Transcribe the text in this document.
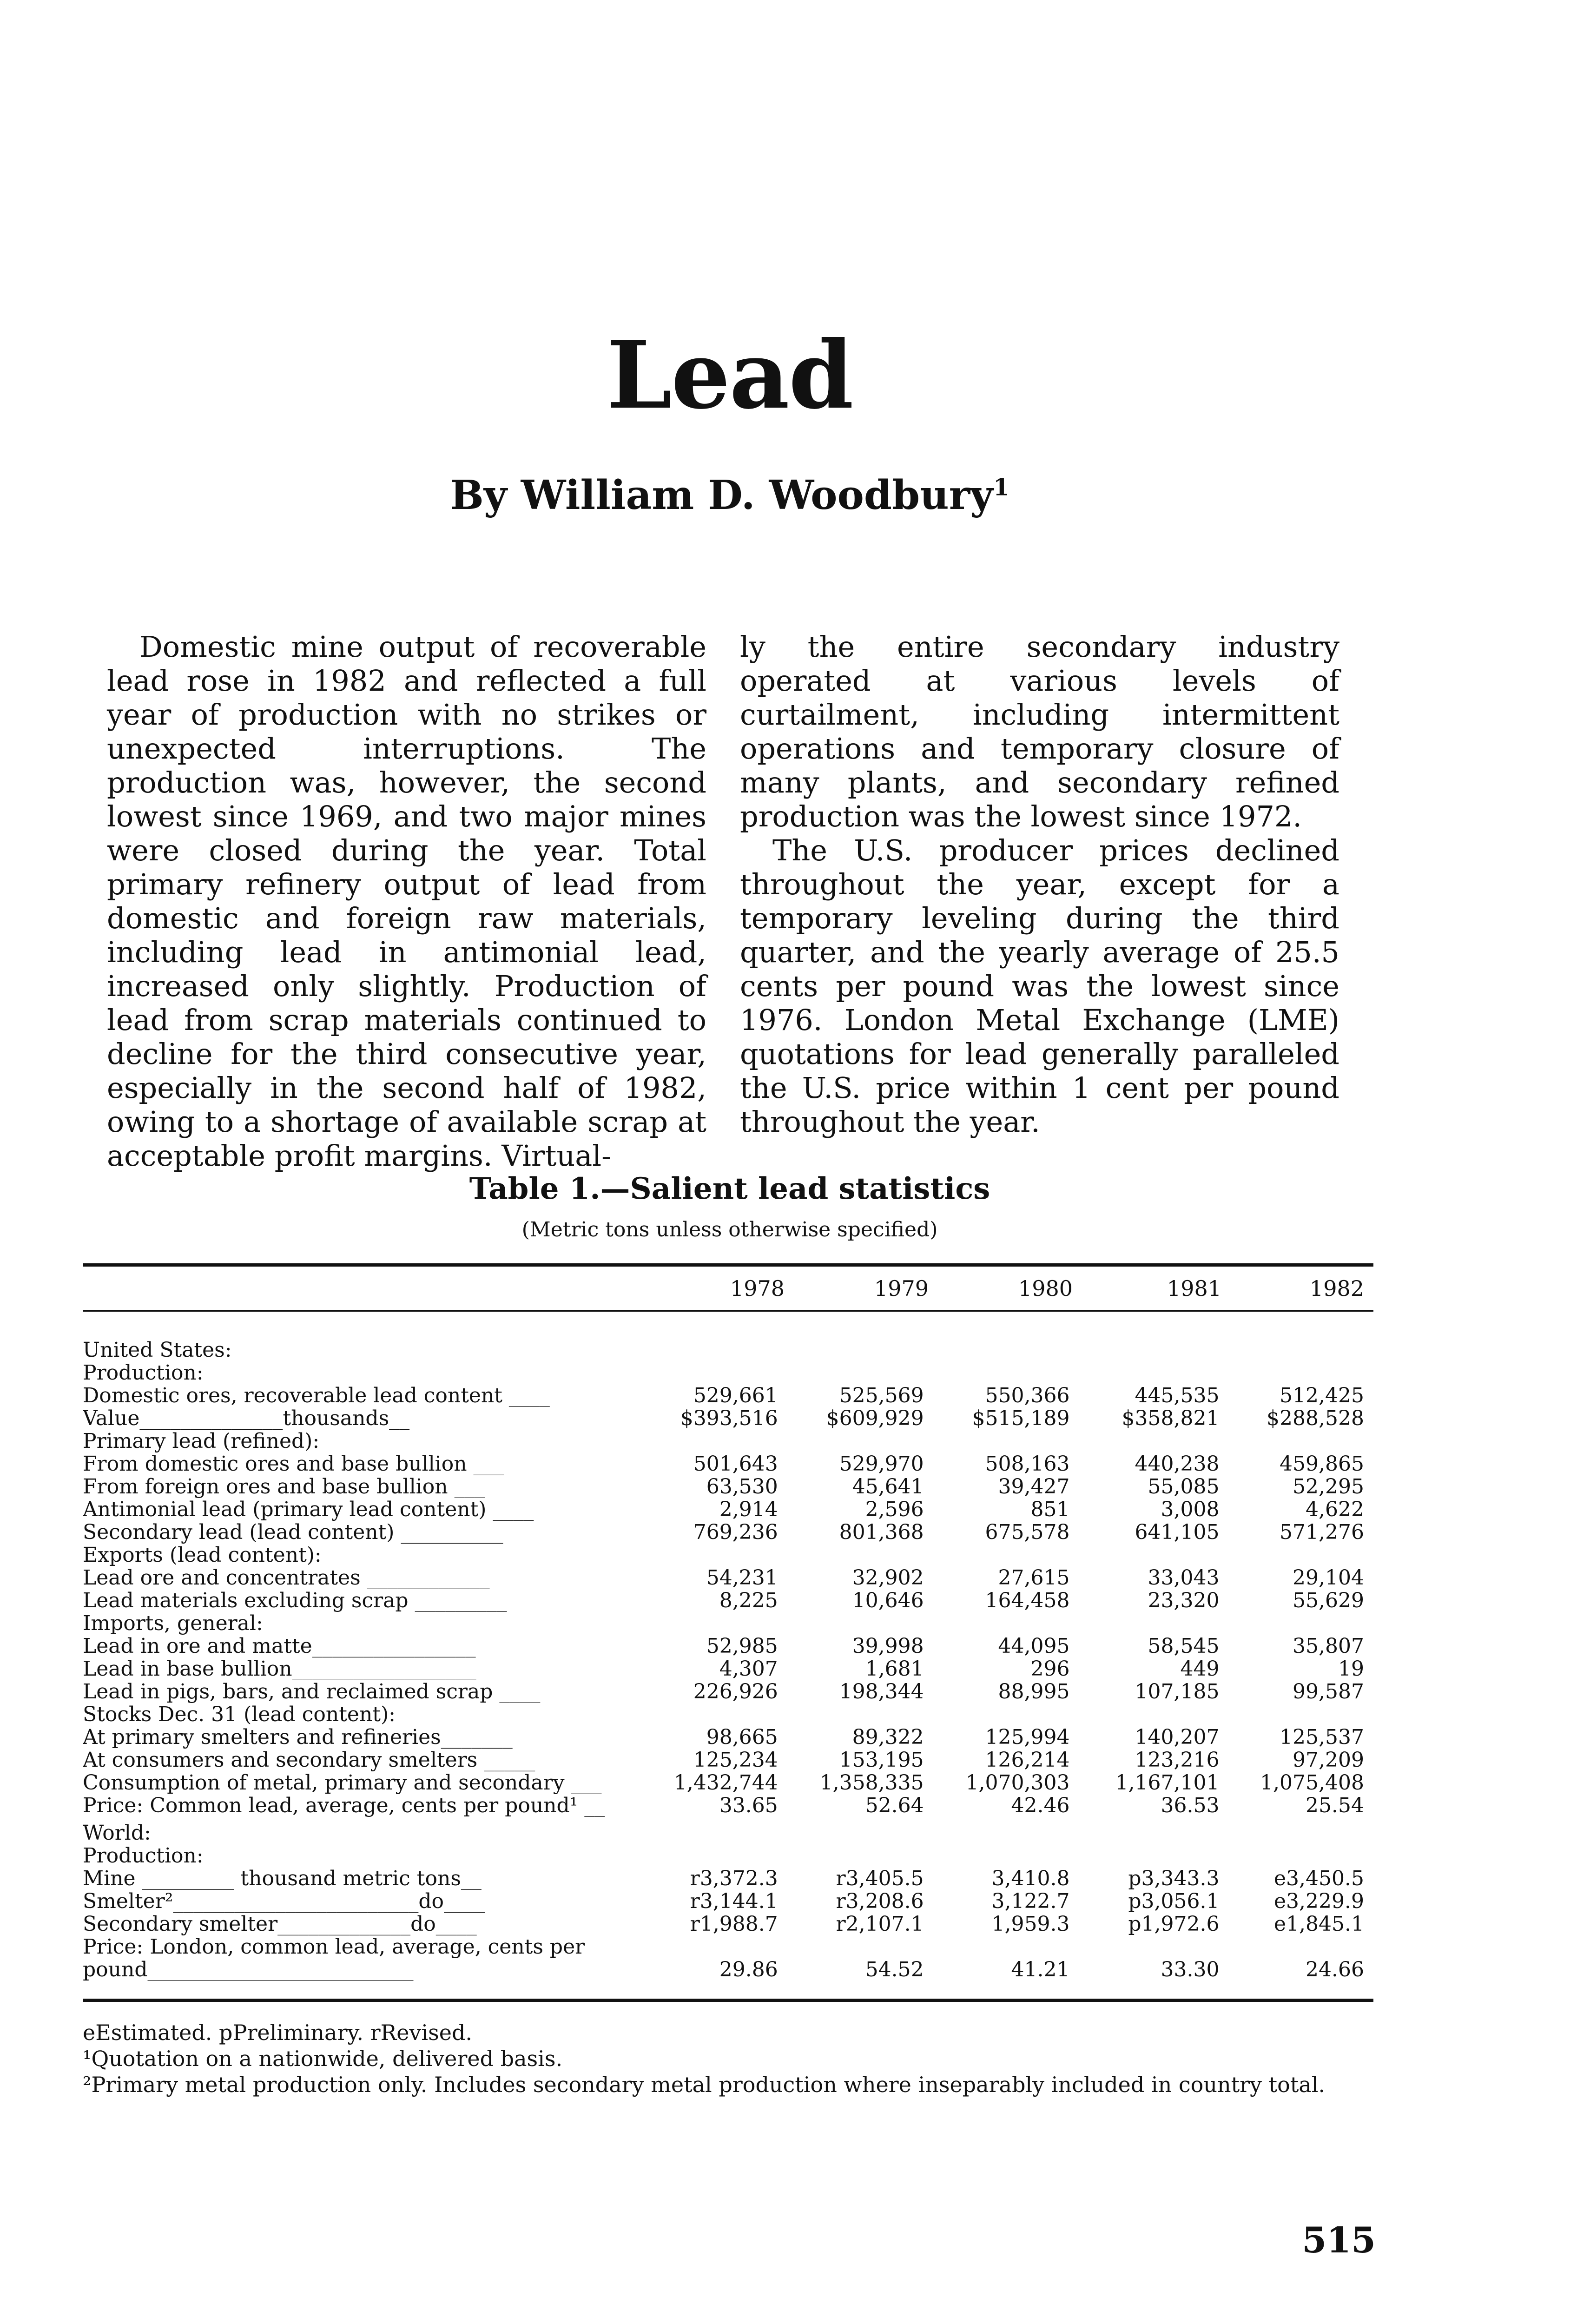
Lead
By William D. Woodbury$^1$

Domestic mine output of recoverable lead rose in 1982 and reflected a full year of production with no strikes or unexpected interruptions. The production was, however, the second lowest since 1969, and two major mines were closed during the year. Total primary refinery output of lead from domestic and foreign raw materials, including lead in antimonial lead, increased only slightly. Production of lead from scrap materials continued to decline for the third consecutive year, especially in the second half of 1982, owing to a shortage of available scrap at acceptable profit margins. Virtual-

ly the entire secondary industry operated at various levels of curtailment, including intermittent operations and temporary closure of many plants, and secondary refined production was the lowest since 1972.

The U.S. producer prices declined throughout the year, except for a temporary leveling during the third quarter, and the yearly average of 25.5 cents per pound was the lowest since 1976. London Metal Exchange (LME) quotations for lead generally paralleled the U.S. price within 1 cent per pound throughout the year.

Table 1.—Salient lead statistics
(Metric tons unless otherwise specified)
1978	1979	1980	1981	1982
United States:					
Production:					
Domestic ores, recoverable lead content ____	529,661	525,569	550,366	445,535	512,425
Value______________thousands__	$393,516	$609,929	$515,189	$358,821	$288,528
Primary lead (refined):					
From domestic ores and base bullion ___	501,643	529,970	508,163	440,238	459,865
From foreign ores and base bullion ___	63,530	45,641	39,427	55,085	52,295
Antimonial lead (primary lead content) ____	2,914	2,596	851	3,008	4,622
Secondary lead (lead content) __________	769,236	801,368	675,578	641,105	571,276
Exports (lead content):					
Lead ore and concentrates ____________	54,231	32,902	27,615	33,043	29,104
Lead materials excluding scrap _________	8,225	10,646	164,458	23,320	55,629
Imports, general:					
Lead in ore and matte________________	52,985	39,998	44,095	58,545	35,807
Lead in base bullion__________________	4,307	1,681	296	449	19
Lead in pigs, bars, and reclaimed scrap ____	226,926	198,344	88,995	107,185	99,587
Stocks Dec. 31 (lead content):					
At primary smelters and refineries_______	98,665	89,322	125,994	140,207	125,537
At consumers and secondary smelters _____	125,234	153,195	126,214	123,216	97,209
Consumption of metal, primary and secondary ___	1,432,744	1,358,335	1,070,303	1,167,101	1,075,408
Price: Common lead, average, cents per pound¹ __	33.65	52.64	42.46	36.53	25.54
World:					
Production:					
Mine _________ thousand metric tons__	r3,372.3	r3,405.5	3,410.8	p3,343.3	e3,450.5
Smelter²________________________do____	r3,144.1	r3,208.6	3,122.7	p3,056.1	e3,229.9
Secondary smelter_____________do____	r1,988.7	r2,107.1	1,959.3	p1,972.6	e1,845.1
Price: London, common lead, average, cents per					
pound__________________________	29.86	54.52	41.21	33.30	24.66

eEstimated. pPreliminary. rRevised.

¹Quotation on a nationwide, delivered basis.

²Primary metal production only. Includes secondary metal production where inseparably included in country total.

515
